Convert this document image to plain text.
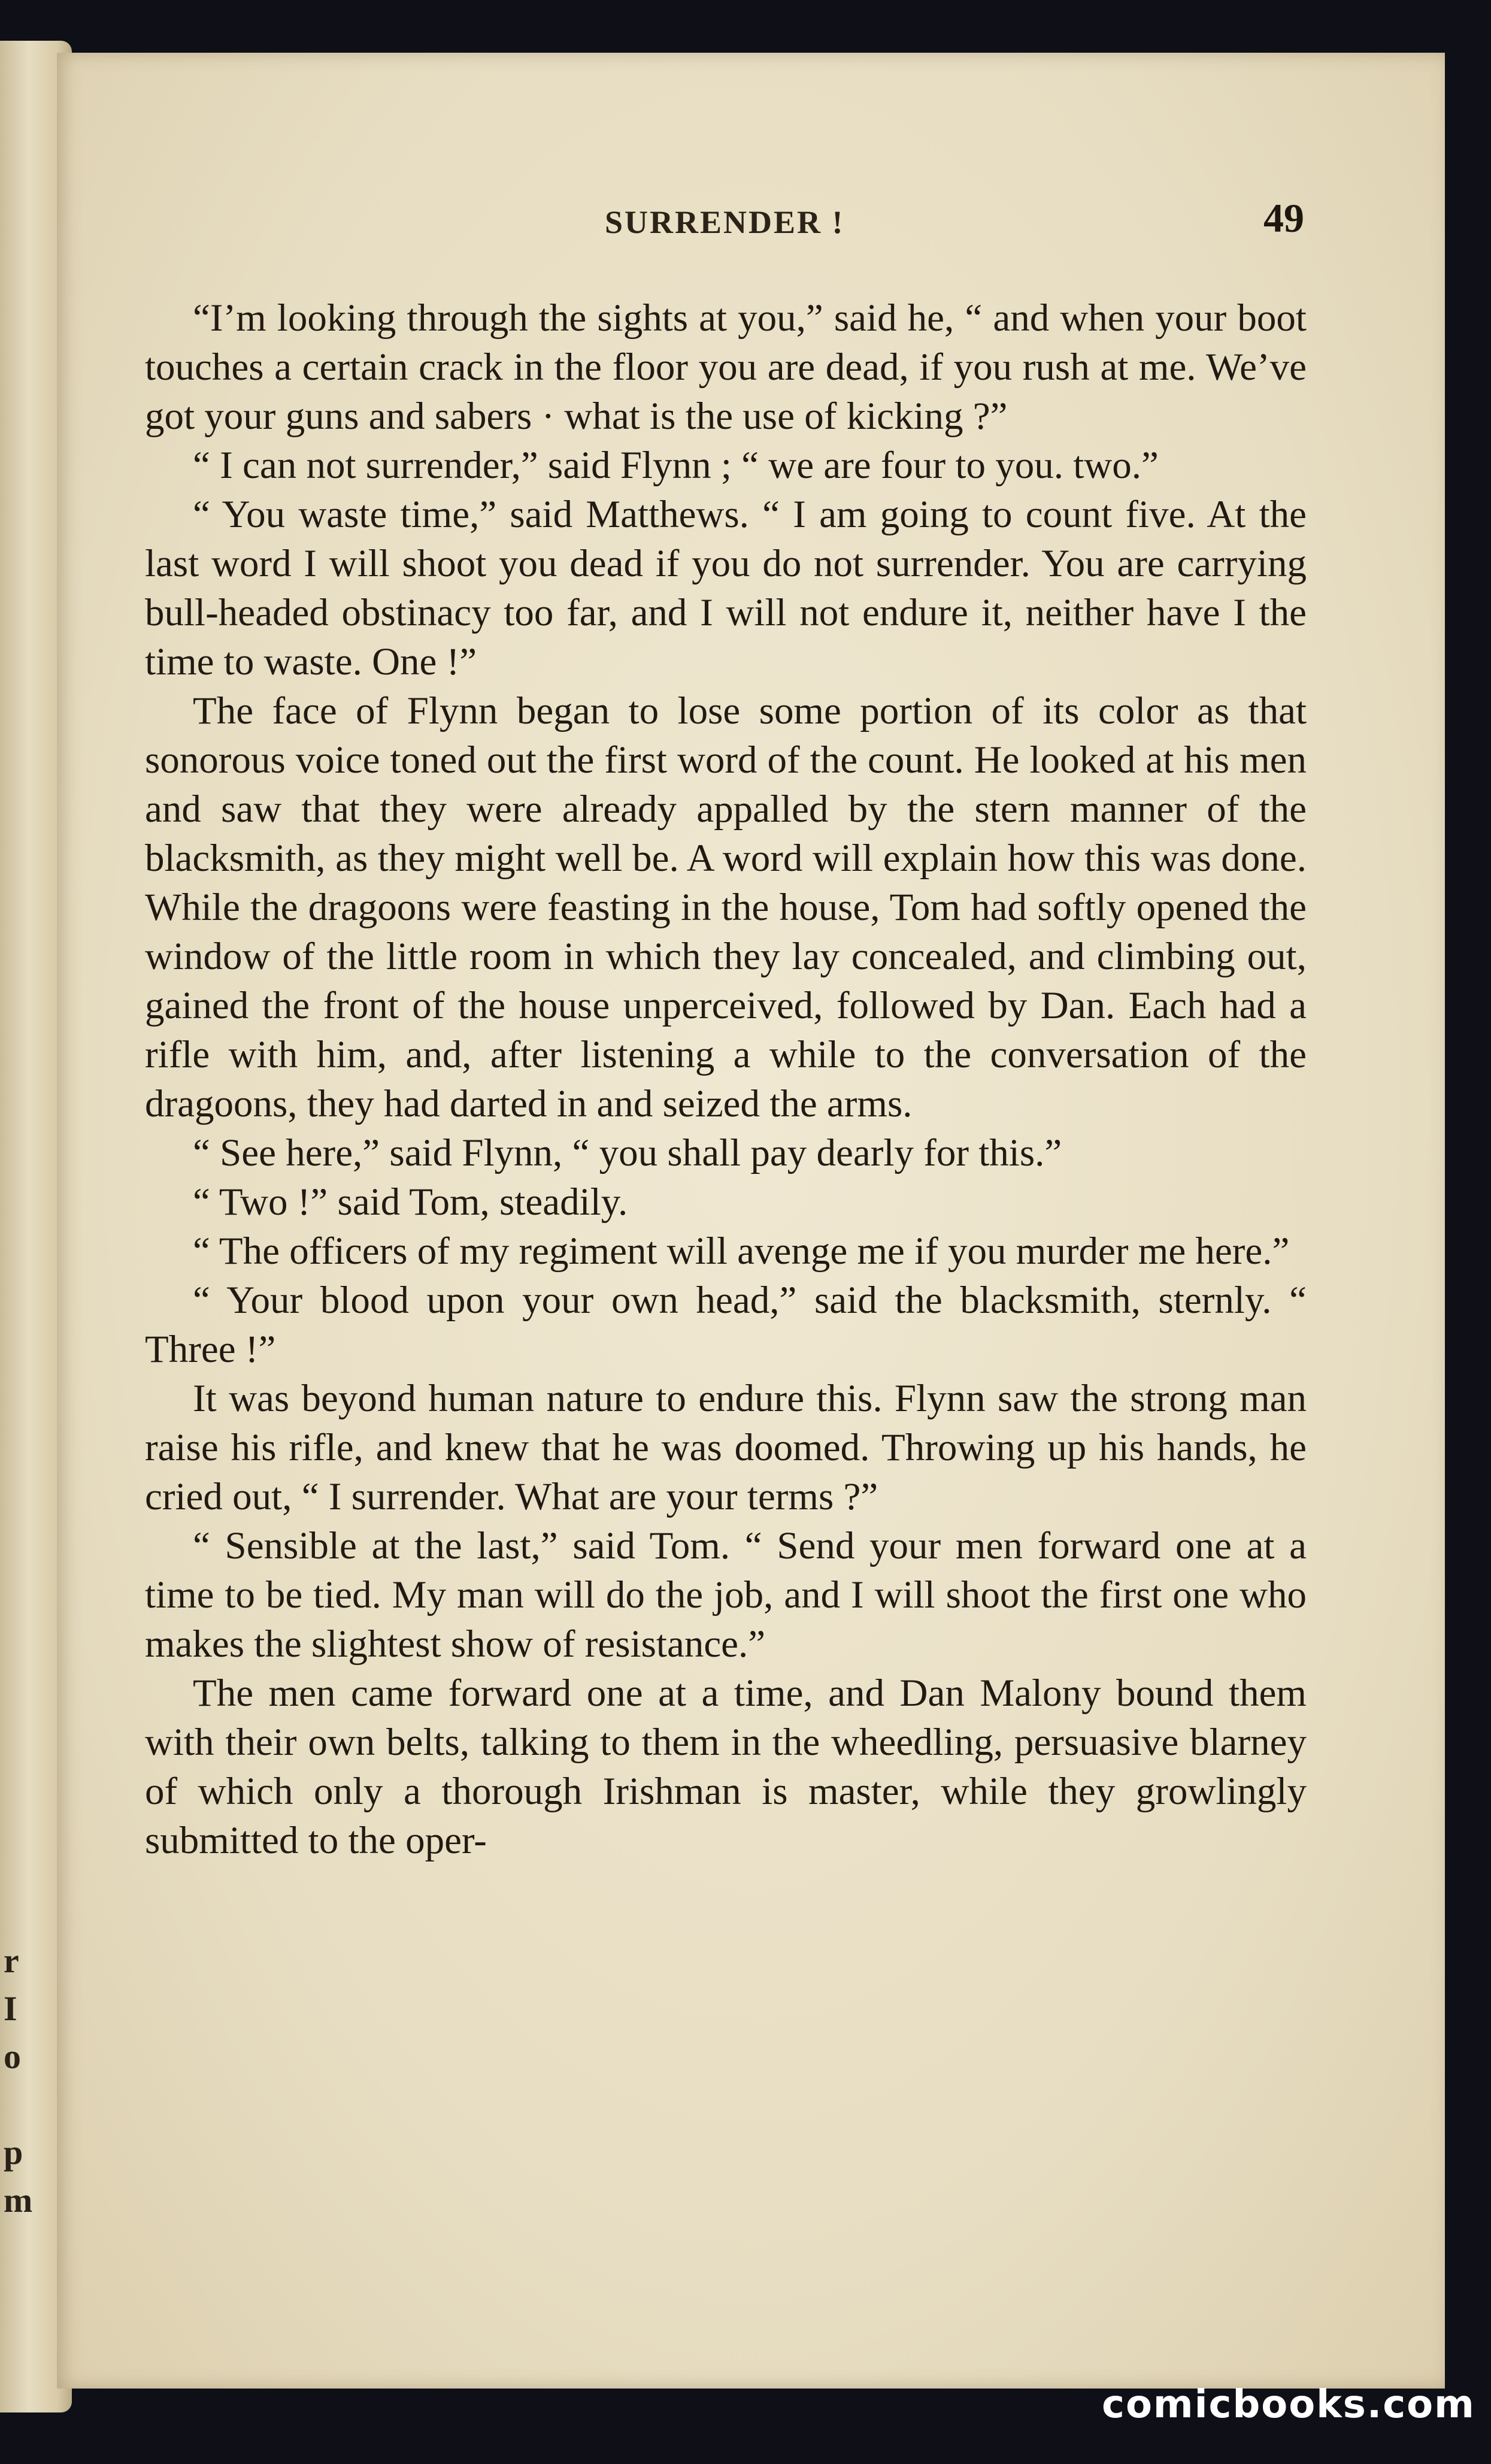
r
I
o
p
m
SURRENDER !	49

“I’m looking through the sights at you,” said he, “ and when your boot touches a certain crack in the floor you are dead, if you rush at me. We’ve got your guns and sabers · what is the use of kicking ?”

“ I can not surrender,” said Flynn ; “ we are four to you. two.”

“ You waste time,” said Matthews. “ I am going to count five. At the last word I will shoot you dead if you do not surrender. You are carrying bull-headed obstinacy too far, and I will not endure it, neither have I the time to waste. One !”

The face of Flynn began to lose some portion of its color as that sonorous voice toned out the first word of the count. He looked at his men and saw that they were already appalled by the stern manner of the blacksmith, as they might well be. A word will explain how this was done. While the dragoons were feasting in the house, Tom had softly opened the window of the little room in which they lay concealed, and climbing out, gained the front of the house unperceived, followed by Dan. Each had a rifle with him, and, after listening a while to the conversation of the dragoons, they had darted in and seized the arms.

“ See here,” said Flynn, “ you shall pay dearly for this.”

“ Two !” said Tom, steadily.

“ The officers of my regiment will avenge me if you murder me here.”

“ Your blood upon your own head,” said the blacksmith, sternly. “ Three !”

It was beyond human nature to endure this. Flynn saw the strong man raise his rifle, and knew that he was doomed. Throwing up his hands, he cried out, “ I surrender. What are your terms ?”

“ Sensible at the last,” said Tom. “ Send your men forward one at a time to be tied. My man will do the job, and I will shoot the first one who makes the slightest show of resistance.”

The men came forward one at a time, and Dan Malony bound them with their own belts, talking to them in the wheedling, persuasive blarney of which only a thorough Irishman is master, while they growlingly submitted to the oper-

comicbooks.com
